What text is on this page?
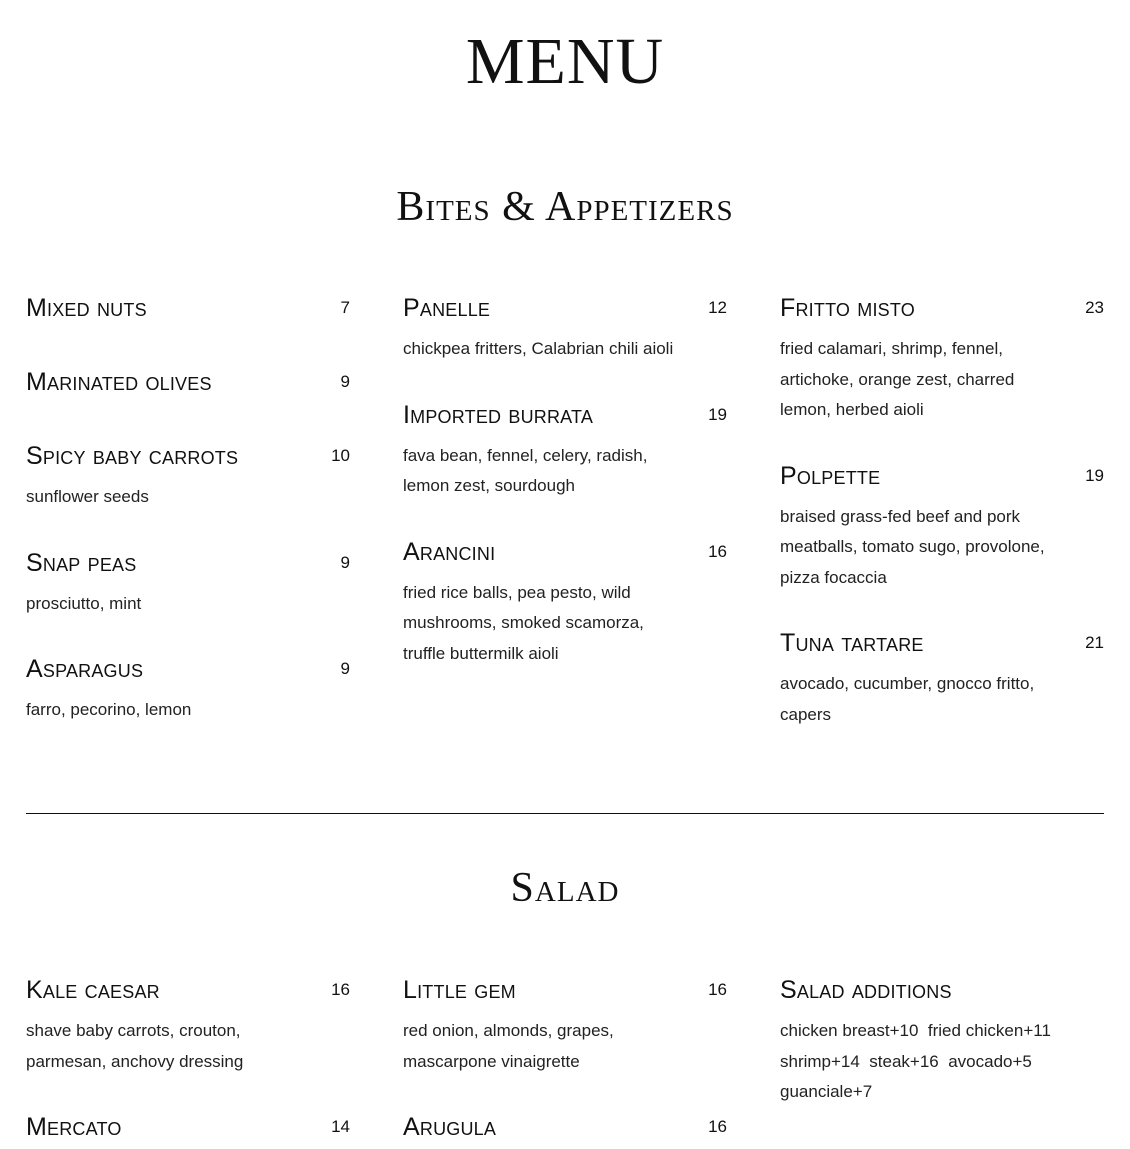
MENU
Bites & Appetizers
Mixed nuts	7
Marinated olives	9
Spicy baby carrots	10
sunflower seeds
Snap peas	9
prosciutto, mint
Asparagus	9
farro, pecorino, lemon
Panelle	12
chickpea fritters, Calabrian chili aioli
Imported burrata	19
fava bean, fennel, celery, radish, lemon zest, sourdough
Arancini	16
fried rice balls, pea pesto, wild mushrooms, smoked scamorza, truffle buttermilk aioli
Fritto misto	23
fried calamari, shrimp, fennel, artichoke, orange zest, charred lemon, herbed aioli
Polpette	19
braised grass-fed beef and pork meatballs, tomato sugo, provolone, pizza focaccia
Tuna tartare	21
avocado, cucumber, gnocco fritto, capers
Salad
Kale caesar	16
shave baby carrots, crouton, parmesan, anchovy dressing
Mercato	14
Little gem	16
red onion, almonds, grapes, mascarpone vinaigrette
Arugula	16
Salad additions
chicken breast+10  fried chicken+11   shrimp+14  steak+16  avocado+5   guanciale+7
